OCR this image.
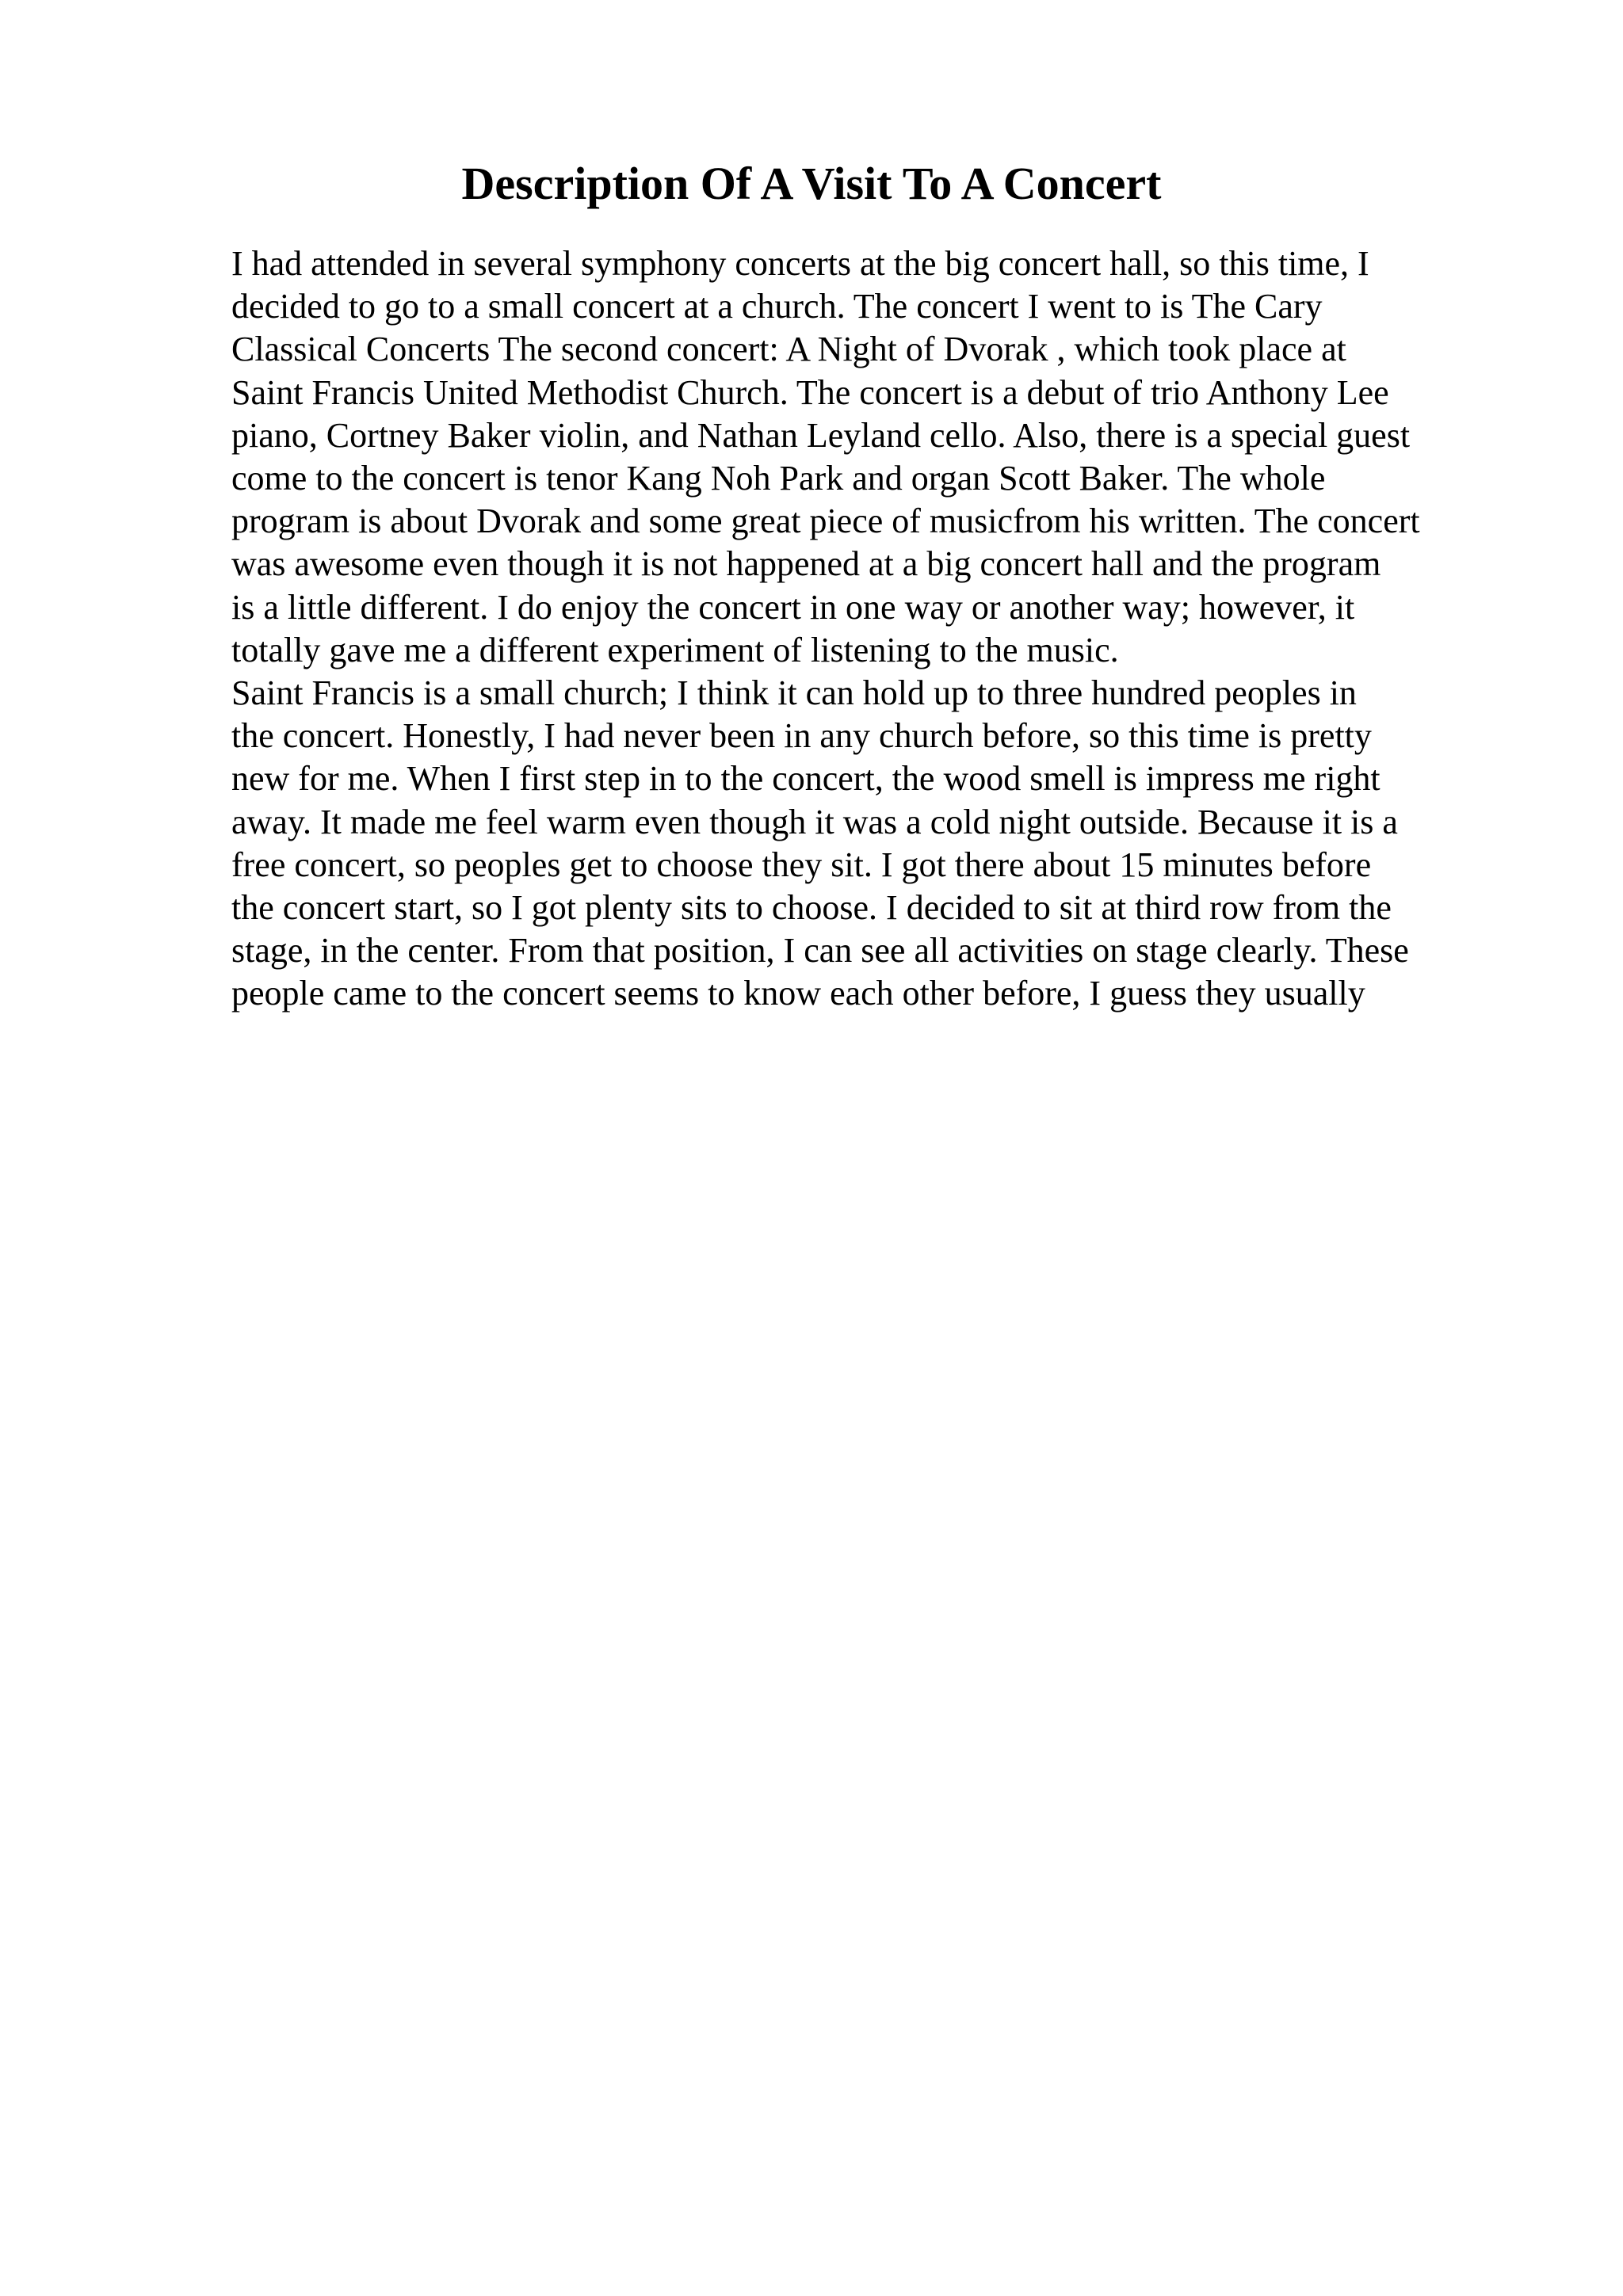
Description Of A Visit To A Concert
I had attended in several symphony concerts at the big concert hall, so this time, I
decided to go to a small concert at a church. The concert I went to is The Cary
Classical Concerts The second concert: A Night of Dvorak , which took place at
Saint Francis United Methodist Church. The concert is a debut of trio Anthony Lee
piano, Cortney Baker violin, and Nathan Leyland cello. Also, there is a special guest
come to the concert is tenor Kang Noh Park and organ Scott Baker. The whole
program is about Dvorak and some great piece of musicfrom his written. The concert
was awesome even though it is not happened at a big concert hall and the program
is a little different. I do enjoy the concert in one way or another way; however, it
totally gave me a different experiment of listening to the music.
Saint Francis is a small church; I think it can hold up to three hundred peoples in
the concert. Honestly, I had never been in any church before, so this time is pretty
new for me. When I first step in to the concert, the wood smell is impress me right
away. It made me feel warm even though it was a cold night outside. Because it is a
free concert, so peoples get to choose they sit. I got there about 15 minutes before
the concert start, so I got plenty sits to choose. I decided to sit at third row from the
stage, in the center. From that position, I can see all activities on stage clearly. These
people came to the concert seems to know each other before, I guess they usually
